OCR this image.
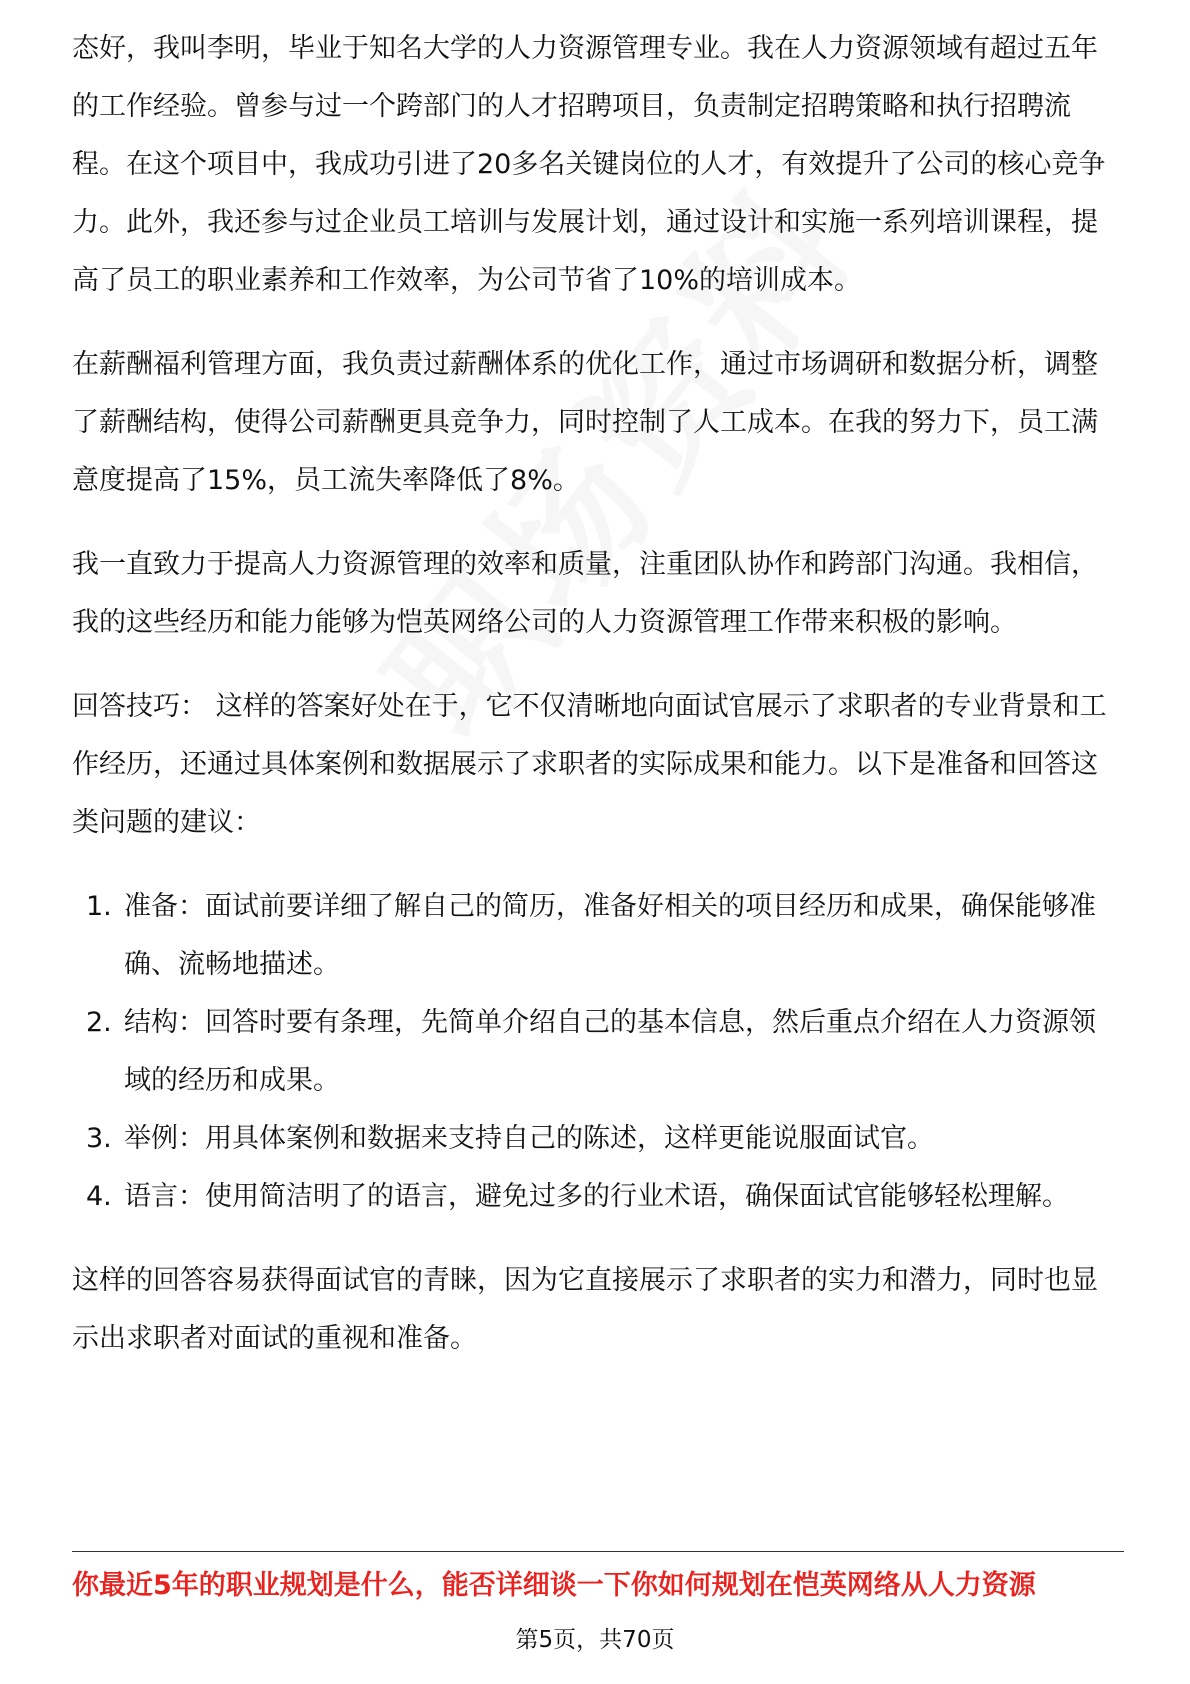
态好，我叫李明，毕业于知名大学的人力资源管理专业。我在人力资源领域有超过五年的工作经验。曾参与过一个跨部门的人才招聘项目，负责制定招聘策略和执行招聘流程。在这个项目中，我成功引进了20多名关键岗位的人才，有效提升了公司的核心竞争力。此外，我还参与过企业员工培训与发展计划，通过设计和实施一系列培训课程，提高了员工的职业素养和工作效率，为公司节省了10%的培训成本。

在薪酬福利管理方面，我负责过薪酬体系的优化工作，通过市场调研和数据分析，调整了薪酬结构，使得公司薪酬更具竞争力，同时控制了人工成本。在我的努力下，员工满意度提高了15%，员工流失率降低了8%。

我一直致力于提高人力资源管理的效率和质量，注重团队协作和跨部门沟通。我相信，我的这些经历和能力能够为恺英网络公司的人力资源管理工作带来积极的影响。

回答技巧： 这样的答案好处在于，它不仅清晰地向面试官展示了求职者的专业背景和工作经历，还通过具体案例和数据展示了求职者的实际成果和能力。以下是准备和回答这类问题的建议：

1. 准备：面试前要详细了解自己的简历，准备好相关的项目经历和成果，确保能够准确、流畅地描述。
2. 结构：回答时要有条理，先简单介绍自己的基本信息，然后重点介绍在人力资源领域的经历和成果。
3. 举例：用具体案例和数据来支持自己的陈述，这样更能说服面试官。
4. 语言：使用简洁明了的语言，避免过多的行业术语，确保面试官能够轻松理解。

这样的回答容易获得面试官的青睐，因为它直接展示了求职者的实力和潜力，同时也显示出求职者对面试的重视和准备。

你最近5年的职业规划是什么，能否详细谈一下你如何规划在恺英网络从人力资源
第5页，共70页
